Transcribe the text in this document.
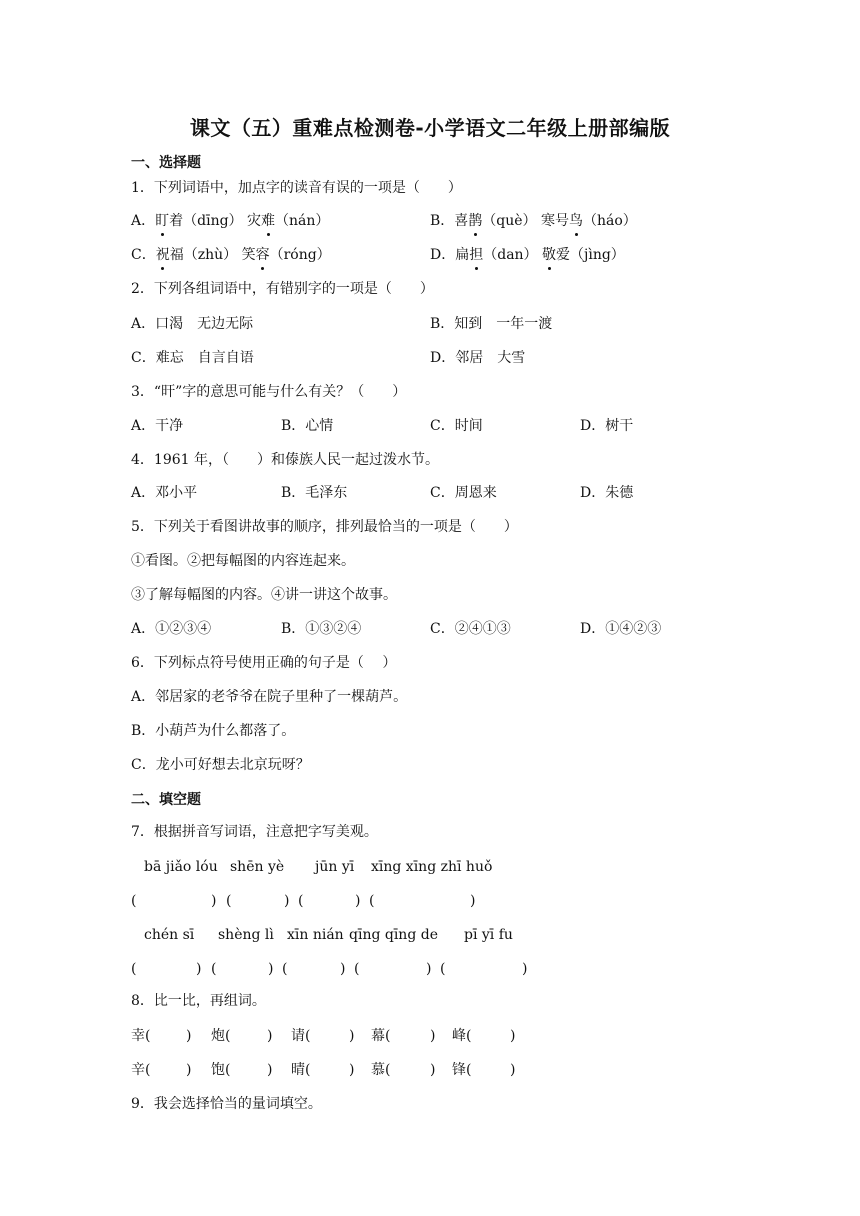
课文（五）重难点检测卷-小学语文二年级上册部编版
一、选择题
1．下列词语中，加点字的读音有误的一项是（　　）
A．盯着（dīng） 灾难（nán）	B．喜鹊（què） 寒号鸟（háo）
C．祝福（zhù） 笑容（róng）	D．扁担（dan） 敬爱（jìng）
2．下列各组词语中，有错别字的一项是（　　）
A．口渴　无边无际	B．知到　一年一渡
C．难忘　自言自语	D．邻居　大雪
3．“旰”字的意思可能与什么有关？（　　）
A．干净	B．心情	C．时间	D．树干
4．1961 年，（　　）和傣族人民一起过泼水节。
A．邓小平	B．毛泽东	C．周恩来	D．朱德
5．下列关于看图讲故事的顺序，排列最恰当的一项是（　　）
①看图。②把每幅图的内容连起来。
③了解每幅图的内容。④讲一讲这个故事。
A．①②③④	B．①③②④	C．②④①③	D．①④②③
6．下列标点符号使用正确的句子是（　 ）
A．邻居家的老爷爷在院子里种了一棵葫芦。
B．小葫芦为什么都落了。
C．龙小可好想去北京玩呀？
二、填空题
7．根据拼音写词语，注意把字写美观。
bā jiǎo lóu shēn yè jūn yī xīng xīng zhī huǒ
(	) (	) (	) (	)
chén sī shèng lì xīn nián qīng qīng de pī yī fu
(	) (	) (	) (	) (	)
8．比一比，再组词。
幸(	) 炮(	) 请(	) 幕(	) 峰(	)
辛(	) 饱(	) 晴(	) 慕(	) 锋(	)
9．我会选择恰当的量词填空。
